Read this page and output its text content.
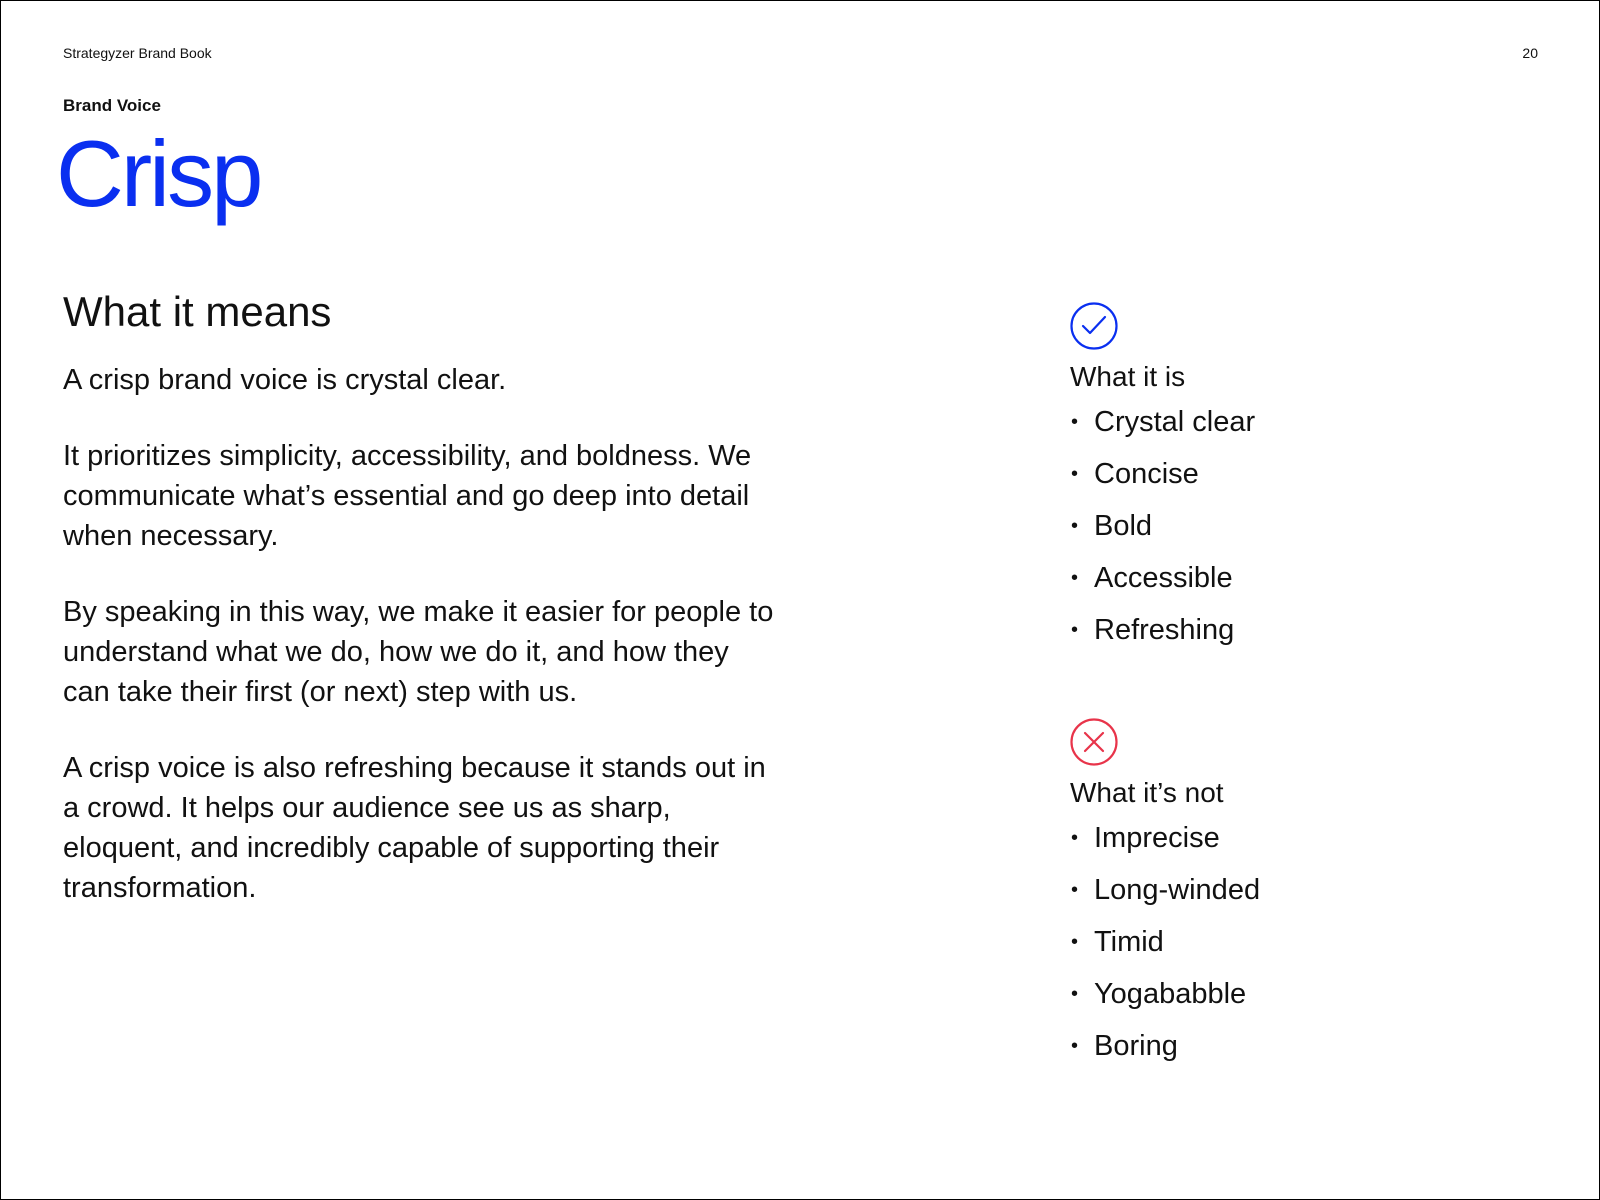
Strategyzer Brand Book	20
Brand Voice
Crisp
What it means

A crisp brand voice is crystal clear.

It prioritizes simplicity, accessibility, and boldness. We communicate what’s essential and go deep into detail when necessary.

By speaking in this way, we make it easier for people to understand what we do, how we do it, and how they can take their first (or next) step with us.

A crisp voice is also refreshing because it stands out in a crowd. It helps our audience see us as sharp, eloquent, and incredibly capable of supporting their transformation.

What it is
• Crystal clear
• Concise
• Bold
• Accessible
• Refreshing
What it’s not
• Imprecise
• Long-winded
• Timid
• Yogababble
• Boring
